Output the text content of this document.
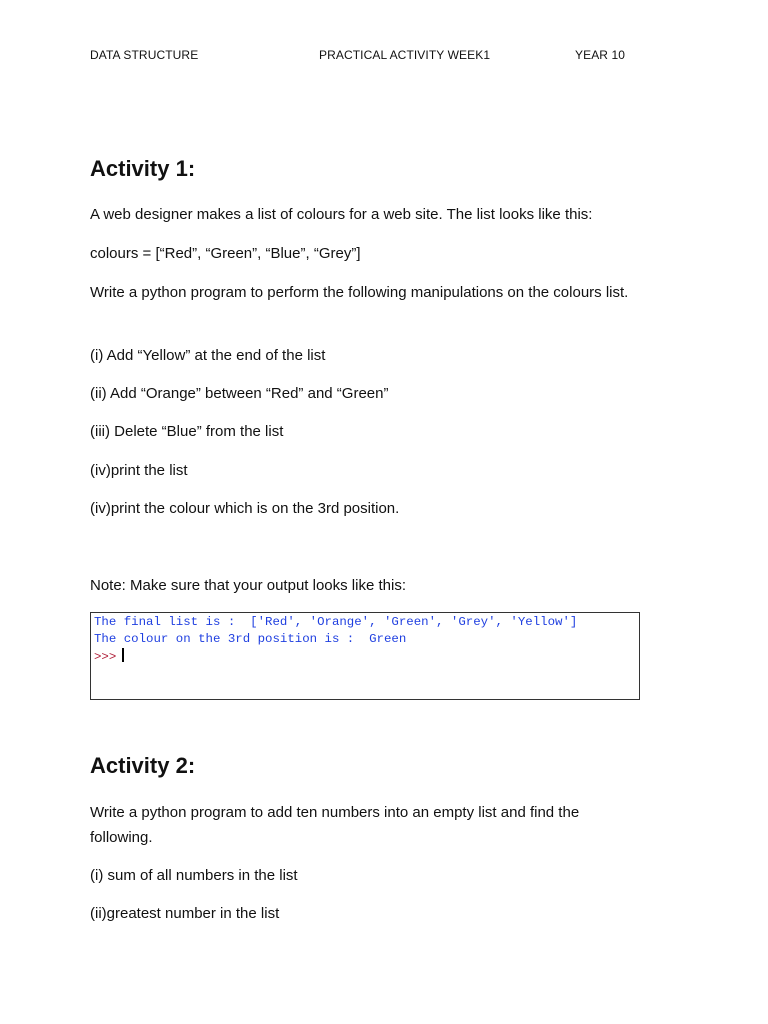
DATA STRUCTURE	PRACTICAL ACTIVITY WEEK1	YEAR 10
Activity 1:
A web designer makes a list of colours for a web site. The list looks like this:
colours = [“Red”, “Green”, “Blue”, “Grey”]
Write a python program to perform the following manipulations on the colours list.
(i) Add “Yellow” at the end of the list
(ii) Add “Orange” between “Red” and “Green”
(iii) Delete “Blue” from the list
(iv)print the list
(iv)print the colour which is on the 3rd position.
Note: Make sure that your output looks like this:
The final list is :  ['Red', 'Orange', 'Green', 'Grey', 'Yellow']
The colour on the 3rd position is :  Green
>>>
Activity 2:
Write a python program to add ten numbers into an empty list and find the following.
(i) sum of all numbers in the list
(ii)greatest number in the list
